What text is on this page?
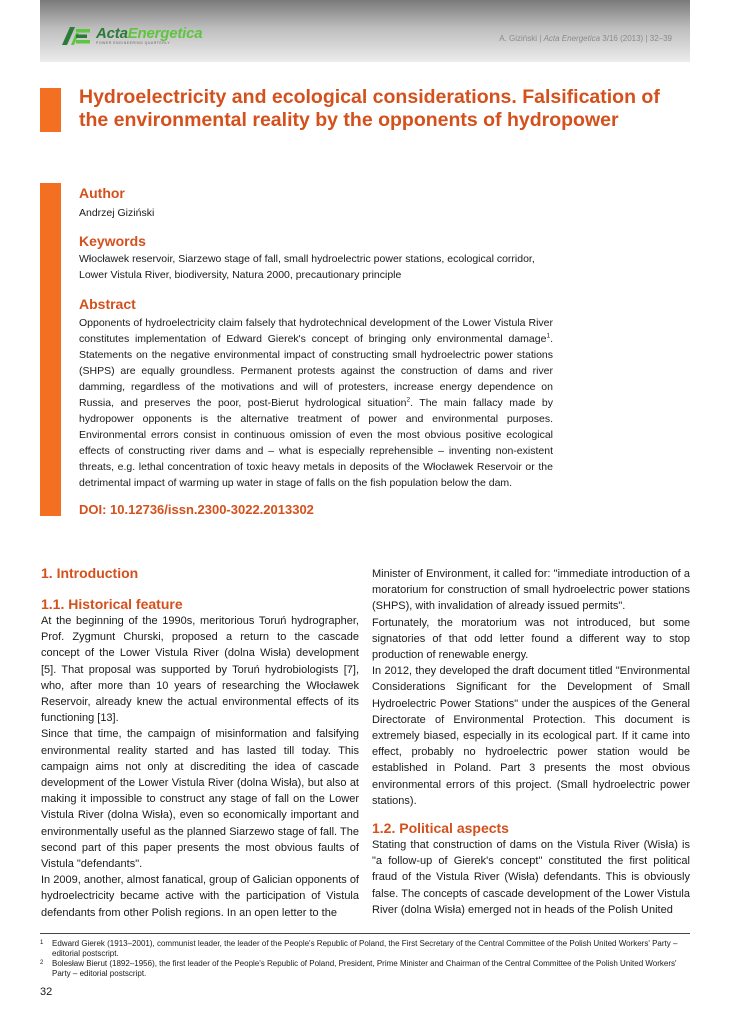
ActaEnergetica
POWER ENGINEERING QUARTERLY	A. Giziński | Acta Energetica 3/16 (2013) | 32–39
Hydroelectricity and ecological considerations. Falsification of the environmental reality by the opponents of hydropower
Author

Andrzej Giziński

Keywords

Włocławek reservoir, Siarzewo stage of fall, small hydroelectric power stations, ecological corridor,
Lower Vistula River, biodiversity, Natura 2000, precautionary principle

Abstract

Opponents of hydroelectricity claim falsely that hydrotechnical development of the Lower Vistula River constitutes implementation of Edward Gierek's concept of bringing only environmental damage$^1$. Statements on the negative environmental impact of constructing small hydroelectric power stations (SHPS) are equally groundless. Permanent protests against the construction of dams and river damming, regardless of the motivations and will of protesters, increase energy dependence on Russia, and preserves the poor, post-Bierut hydrological situation$^2$. The main fallacy made by hydropower opponents is the alternative treatment of power and environmental purposes. Environmental errors consist in continuous omission of even the most obvious positive ecological effects of constructing river dams and – what is especially reprehensible – inventing non-existent threats, e.g. lethal concentration of toxic heavy metals in deposits of the Włocławek Reservoir or the detrimental impact of warming up water in stage of falls on the fish population below the dam.

DOI: 10.12736/issn.2300-3022.2013302

1. Introduction
1.1. Historical feature

At the beginning of the 1990s, meritorious Toruń hydrographer, Prof. Zygmunt Churski, proposed a return to the cascade concept of the Lower Vistula River (dolna Wisła) development [5]. That proposal was supported by Toruń hydrobiologists [7], who, after more than 10 years of researching the Włocławek Reservoir, already knew the actual environmental effects of its functioning [13].

Since that time, the campaign of misinformation and falsifying environmental reality started and has lasted till today. This campaign aims not only at discrediting the idea of cascade development of the Lower Vistula River (dolna Wisła), but also at making it impossible to construct any stage of fall on the Lower Vistula River (dolna Wisła), even so economically important and environmentally useful as the planned Siarzewo stage of fall. The second part of this paper presents the most obvious faults of Vistula "defendants".

In 2009, another, almost fanatical, group of Galician opponents of hydroelectricity became active with the participation of Vistula defendants from other Polish regions. In an open letter to the

Minister of Environment, it called for: "immediate introduction of a moratorium for construction of small hydroelectric power stations (SHPS), with invalidation of already issued permits".

Fortunately, the moratorium was not introduced, but some signatories of that odd letter found a different way to stop production of renewable energy.

In 2012, they developed the draft document titled "Environmental Considerations Significant for the Development of Small Hydroelectric Power Stations" under the auspices of the General Directorate of Environmental Protection. This document is extremely biased, especially in its ecological part. If it came into effect, probably no hydroelectric power station would be established in Poland. Part 3 presents the most obvious environmental errors of this project. (Small hydroelectric power stations).

1.2. Political aspects

Stating that construction of dams on the Vistula River (Wisła) is "a follow-up of Gierek's concept" constituted the first political fraud of the Vistula River (Wisła) defendants. This is obviously false. The concepts of cascade development of the Lower Vistula River (dolna Wisła) emerged not in heads of the Polish United

1	Edward Gierek (1913–2001), communist leader, the leader of the People's Republic of Poland, the First Secretary of the Central Committee of the Polish United Workers' Party – editorial postscript.
2	Bolesław Bierut (1892–1956), the first leader of the People's Republic of Poland, President, Prime Minister and Chairman of the Central Committee of the Polish United Workers' Party – editorial postscript.
32
